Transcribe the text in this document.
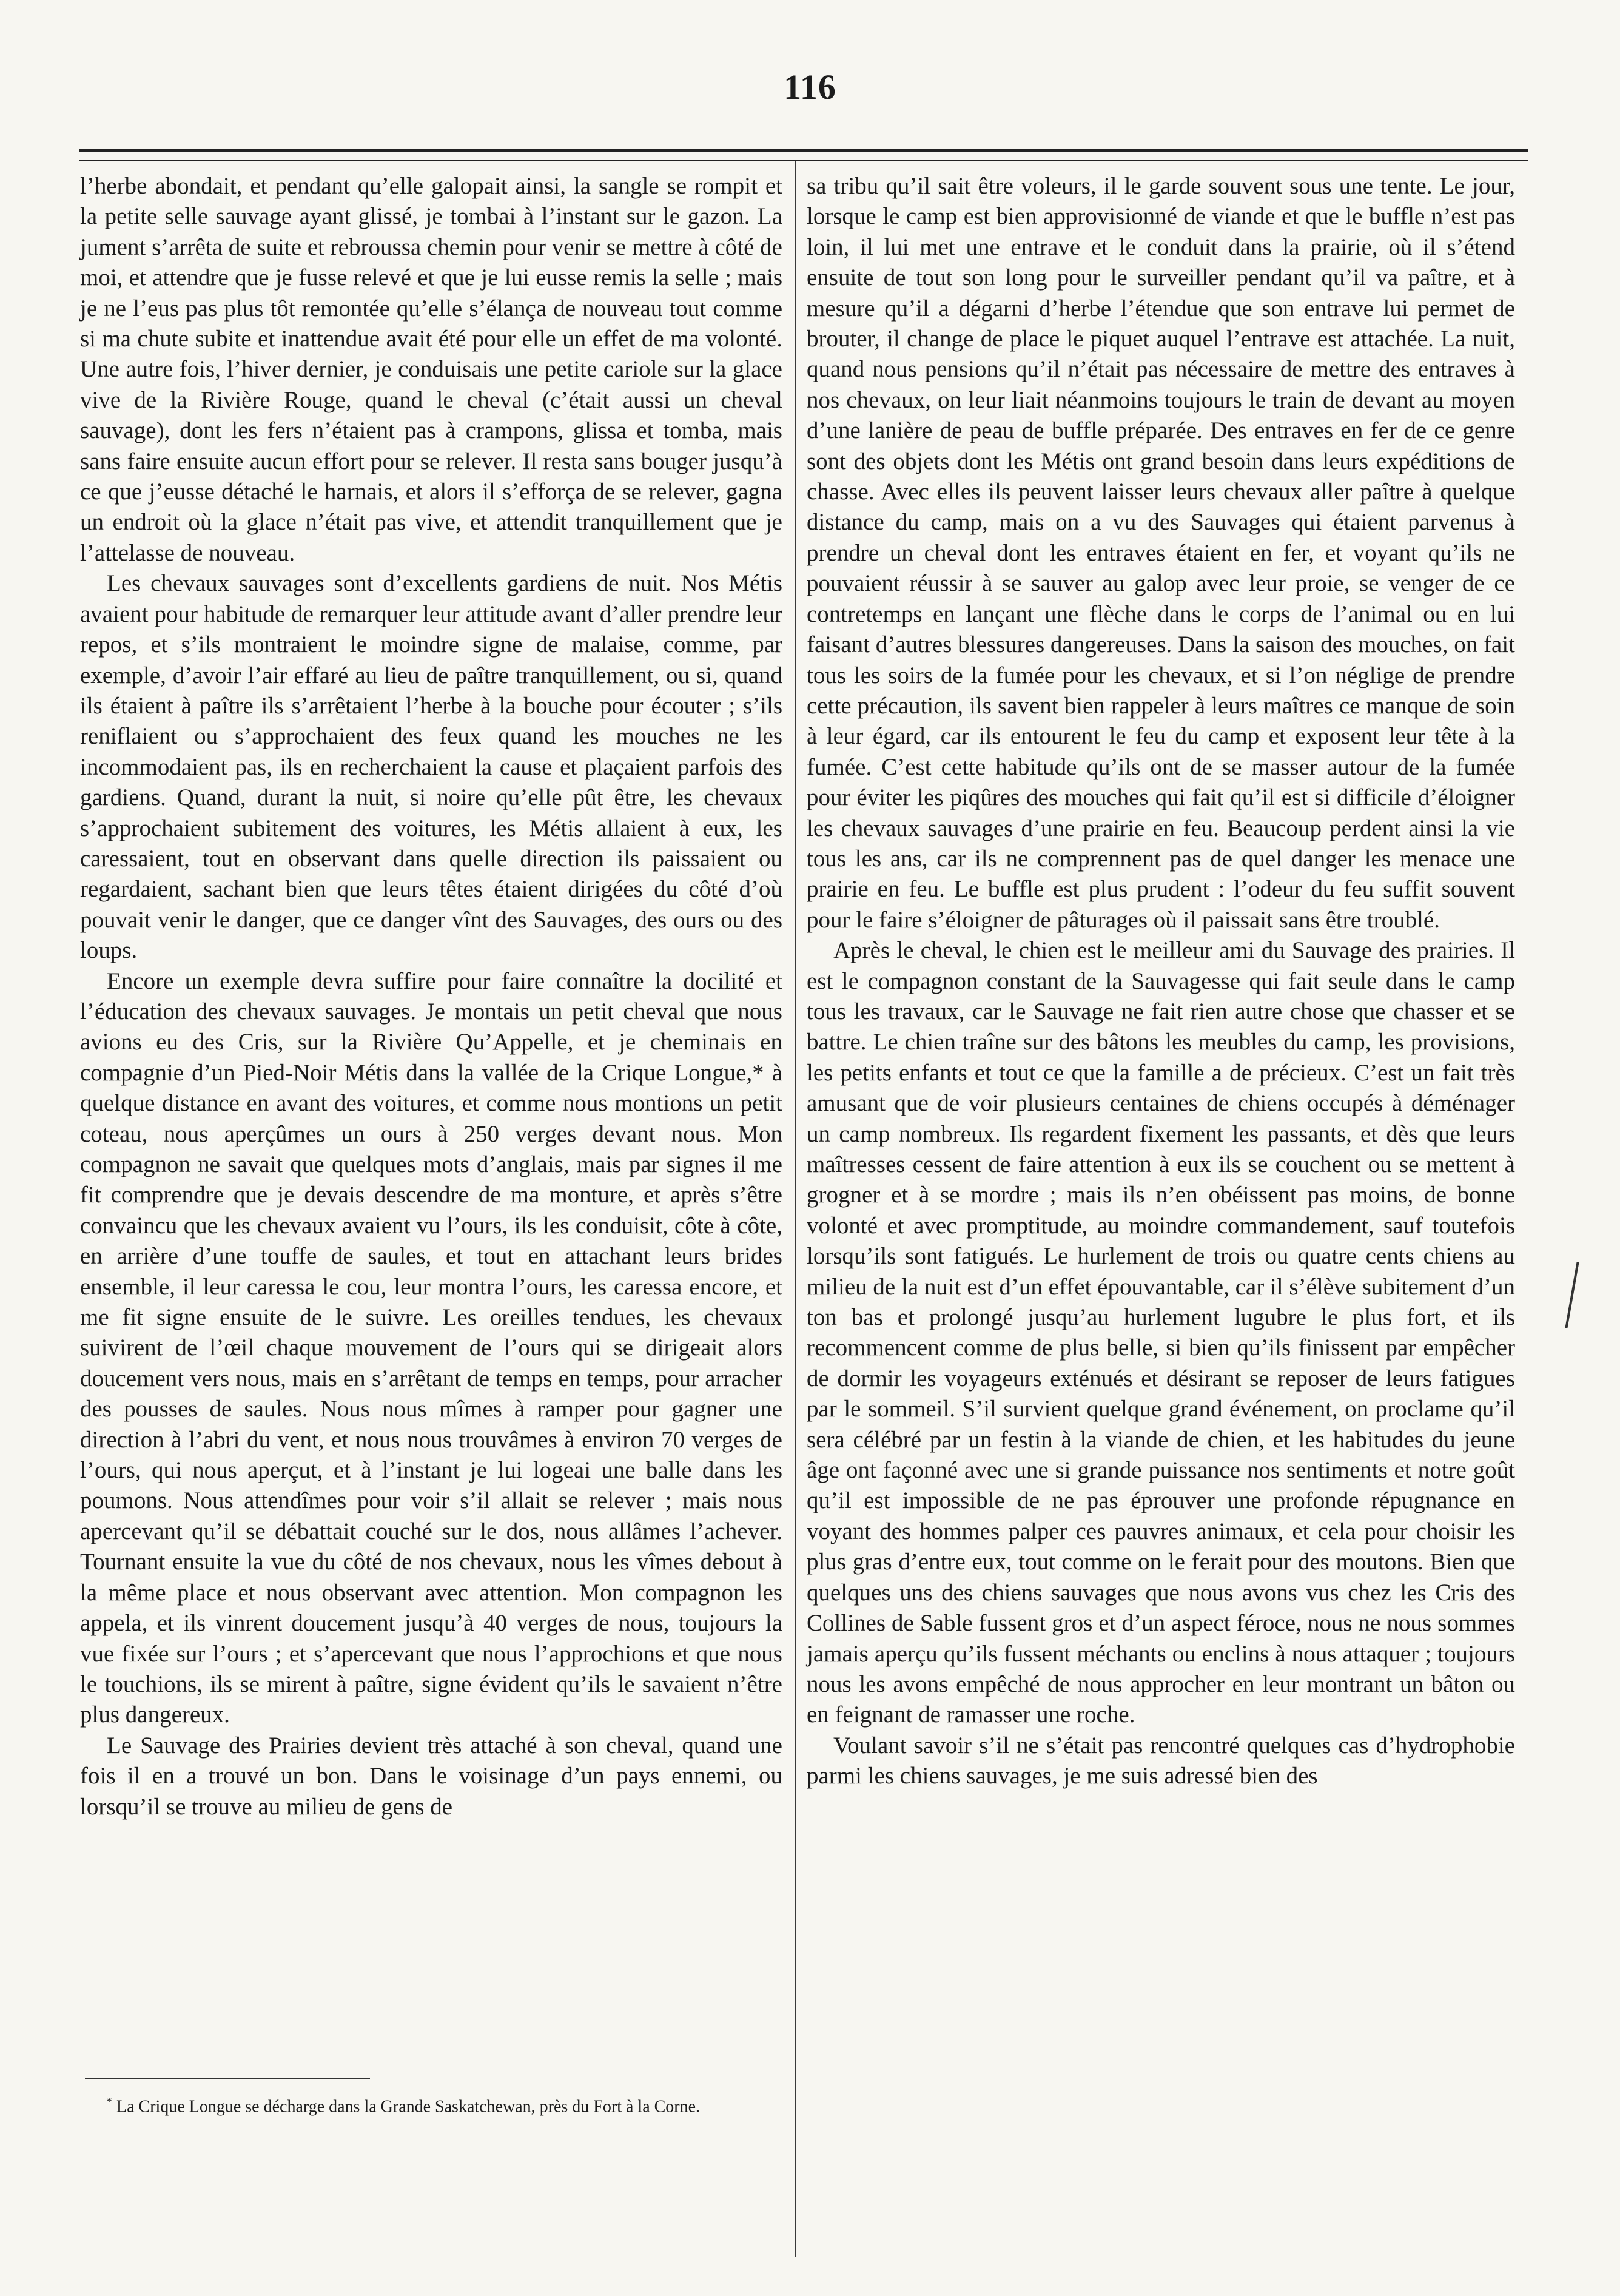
116

l’herbe abondait, et pendant qu’elle galopait ainsi, la sangle se rompit et la petite selle sauvage ayant glissé, je tombai à l’instant sur le gazon. La jument s’arrêta de suite et rebroussa chemin pour venir se mettre à côté de moi, et attendre que je fusse relevé et que je lui eusse remis la selle ; mais je ne l’eus pas plus tôt remontée qu’elle s’élança de nouveau tout comme si ma chute subite et inattendue avait été pour elle un effet de ma volonté. Une autre fois, l’hiver dernier, je conduisais une petite cariole sur la glace vive de la Rivière Rouge, quand le cheval (c’était aussi un cheval sauvage), dont les fers n’étaient pas à crampons, glissa et tomba, mais sans faire ensuite aucun effort pour se relever. Il resta sans bouger jusqu’à ce que j’eusse détaché le harnais, et alors il s’efforça de se relever, gagna un endroit où la glace n’était pas vive, et attendit tranquillement que je l’attelasse de nouveau.

Les chevaux sauvages sont d’excellents gardiens de nuit. Nos Métis avaient pour habitude de remarquer leur attitude avant d’aller prendre leur repos, et s’ils montraient le moindre signe de malaise, comme, par exemple, d’avoir l’air effaré au lieu de paître tranquillement, ou si, quand ils étaient à paître ils s’arrêtaient l’herbe à la bouche pour écouter ; s’ils reniflaient ou s’approchaient des feux quand les mouches ne les incommodaient pas, ils en recherchaient la cause et plaçaient parfois des gardiens. Quand, durant la nuit, si noire qu’elle pût être, les chevaux s’approchaient subitement des voitures, les Métis allaient à eux, les caressaient, tout en observant dans quelle direction ils paissaient ou regardaient, sachant bien que leurs têtes étaient dirigées du côté d’où pouvait venir le danger, que ce danger vînt des Sauvages, des ours ou des loups.

Encore un exemple devra suffire pour faire connaître la docilité et l’éducation des chevaux sauvages. Je montais un petit cheval que nous avions eu des Cris, sur la Rivière Qu’Appelle, et je cheminais en compagnie d’un Pied-Noir Métis dans la vallée de la Crique Longue,* à quelque distance en avant des voitures, et comme nous montions un petit coteau, nous aperçûmes un ours à 250 verges devant nous. Mon compagnon ne savait que quelques mots d’anglais, mais par signes il me fit comprendre que je devais descendre de ma monture, et après s’être convaincu que les chevaux avaient vu l’ours, ils les conduisit, côte à côte, en arrière d’une touffe de saules, et tout en attachant leurs brides ensemble, il leur caressa le cou, leur montra l’ours, les caressa encore, et me fit signe ensuite de le suivre. Les oreilles tendues, les chevaux suivirent de l’œil chaque mouvement de l’ours qui se dirigeait alors doucement vers nous, mais en s’arrêtant de temps en temps, pour arracher des pousses de saules. Nous nous mîmes à ramper pour gagner une direction à l’abri du vent, et nous nous trouvâmes à environ 70 verges de l’ours, qui nous aperçut, et à l’instant je lui logeai une balle dans les poumons. Nous attendîmes pour voir s’il allait se relever ; mais nous apercevant qu’il se débattait couché sur le dos, nous allâmes l’achever. Tournant ensuite la vue du côté de nos chevaux, nous les vîmes debout à la même place et nous observant avec attention. Mon compagnon les appela, et ils vinrent doucement jusqu’à 40 verges de nous, toujours la vue fixée sur l’ours ; et s’apercevant que nous l’approchions et que nous le touchions, ils se mirent à paître, signe évident qu’ils le savaient n’être plus dangereux.

Le Sauvage des Prairies devient très attaché à son cheval, quand une fois il en a trouvé un bon. Dans le voisinage d’un pays ennemi, ou lorsqu’il se trouve au milieu de gens de

sa tribu qu’il sait être voleurs, il le garde souvent sous une tente. Le jour, lorsque le camp est bien approvisionné de viande et que le buffle n’est pas loin, il lui met une entrave et le conduit dans la prairie, où il s’étend ensuite de tout son long pour le surveiller pendant qu’il va paître, et à mesure qu’il a dégarni d’herbe l’étendue que son entrave lui permet de brouter, il change de place le piquet auquel l’entrave est attachée. La nuit, quand nous pensions qu’il n’était pas nécessaire de mettre des entraves à nos chevaux, on leur liait néanmoins toujours le train de devant au moyen d’une lanière de peau de buffle préparée. Des entraves en fer de ce genre sont des objets dont les Métis ont grand besoin dans leurs expéditions de chasse. Avec elles ils peuvent laisser leurs chevaux aller paître à quelque distance du camp, mais on a vu des Sauvages qui étaient parvenus à prendre un cheval dont les entraves étaient en fer, et voyant qu’ils ne pouvaient réussir à se sauver au galop avec leur proie, se venger de ce contretemps en lançant une flèche dans le corps de l’animal ou en lui faisant d’autres blessures dangereuses. Dans la saison des mouches, on fait tous les soirs de la fumée pour les chevaux, et si l’on néglige de prendre cette précaution, ils savent bien rappeler à leurs maîtres ce manque de soin à leur égard, car ils entourent le feu du camp et exposent leur tête à la fumée. C’est cette habitude qu’ils ont de se masser autour de la fumée pour éviter les piqûres des mouches qui fait qu’il est si difficile d’éloigner les chevaux sauvages d’une prairie en feu. Beaucoup perdent ainsi la vie tous les ans, car ils ne comprennent pas de quel danger les menace une prairie en feu. Le buffle est plus prudent : l’odeur du feu suffit souvent pour le faire s’éloigner de pâturages où il paissait sans être troublé.

Après le cheval, le chien est le meilleur ami du Sauvage des prairies. Il est le compagnon constant de la Sauvagesse qui fait seule dans le camp tous les travaux, car le Sauvage ne fait rien autre chose que chasser et se battre. Le chien traîne sur des bâtons les meubles du camp, les provisions, les petits enfants et tout ce que la famille a de précieux. C’est un fait très amusant que de voir plusieurs centaines de chiens occupés à déménager un camp nombreux. Ils regardent fixement les passants, et dès que leurs maîtresses cessent de faire attention à eux ils se couchent ou se mettent à grogner et à se mordre ; mais ils n’en obéissent pas moins, de bonne volonté et avec promptitude, au moindre commandement, sauf toutefois lorsqu’ils sont fatigués. Le hurlement de trois ou quatre cents chiens au milieu de la nuit est d’un effet épouvantable, car il s’élève subitement d’un ton bas et prolongé jusqu’au hurlement lugubre le plus fort, et ils recommencent comme de plus belle, si bien qu’ils finissent par empêcher de dormir les voyageurs exténués et désirant se reposer de leurs fatigues par le sommeil. S’il survient quelque grand événement, on proclame qu’il sera célébré par un festin à la viande de chien, et les habitudes du jeune âge ont façonné avec une si grande puissance nos sentiments et notre goût qu’il est impossible de ne pas éprouver une profonde répugnance en voyant des hommes palper ces pauvres animaux, et cela pour choisir les plus gras d’entre eux, tout comme on le ferait pour des moutons. Bien que quelques uns des chiens sauvages que nous avons vus chez les Cris des Collines de Sable fussent gros et d’un aspect féroce, nous ne nous sommes jamais aperçu qu’ils fussent méchants ou enclins à nous attaquer ; toujours nous les avons empêché de nous approcher en leur montrant un bâton ou en feignant de ramasser une roche.

Voulant savoir s’il ne s’était pas rencontré quelques cas d’hydrophobie parmi les chiens sauvages, je me suis adressé bien des

* La Crique Longue se décharge dans la Grande Saskatchewan, près du Fort à la Corne.
